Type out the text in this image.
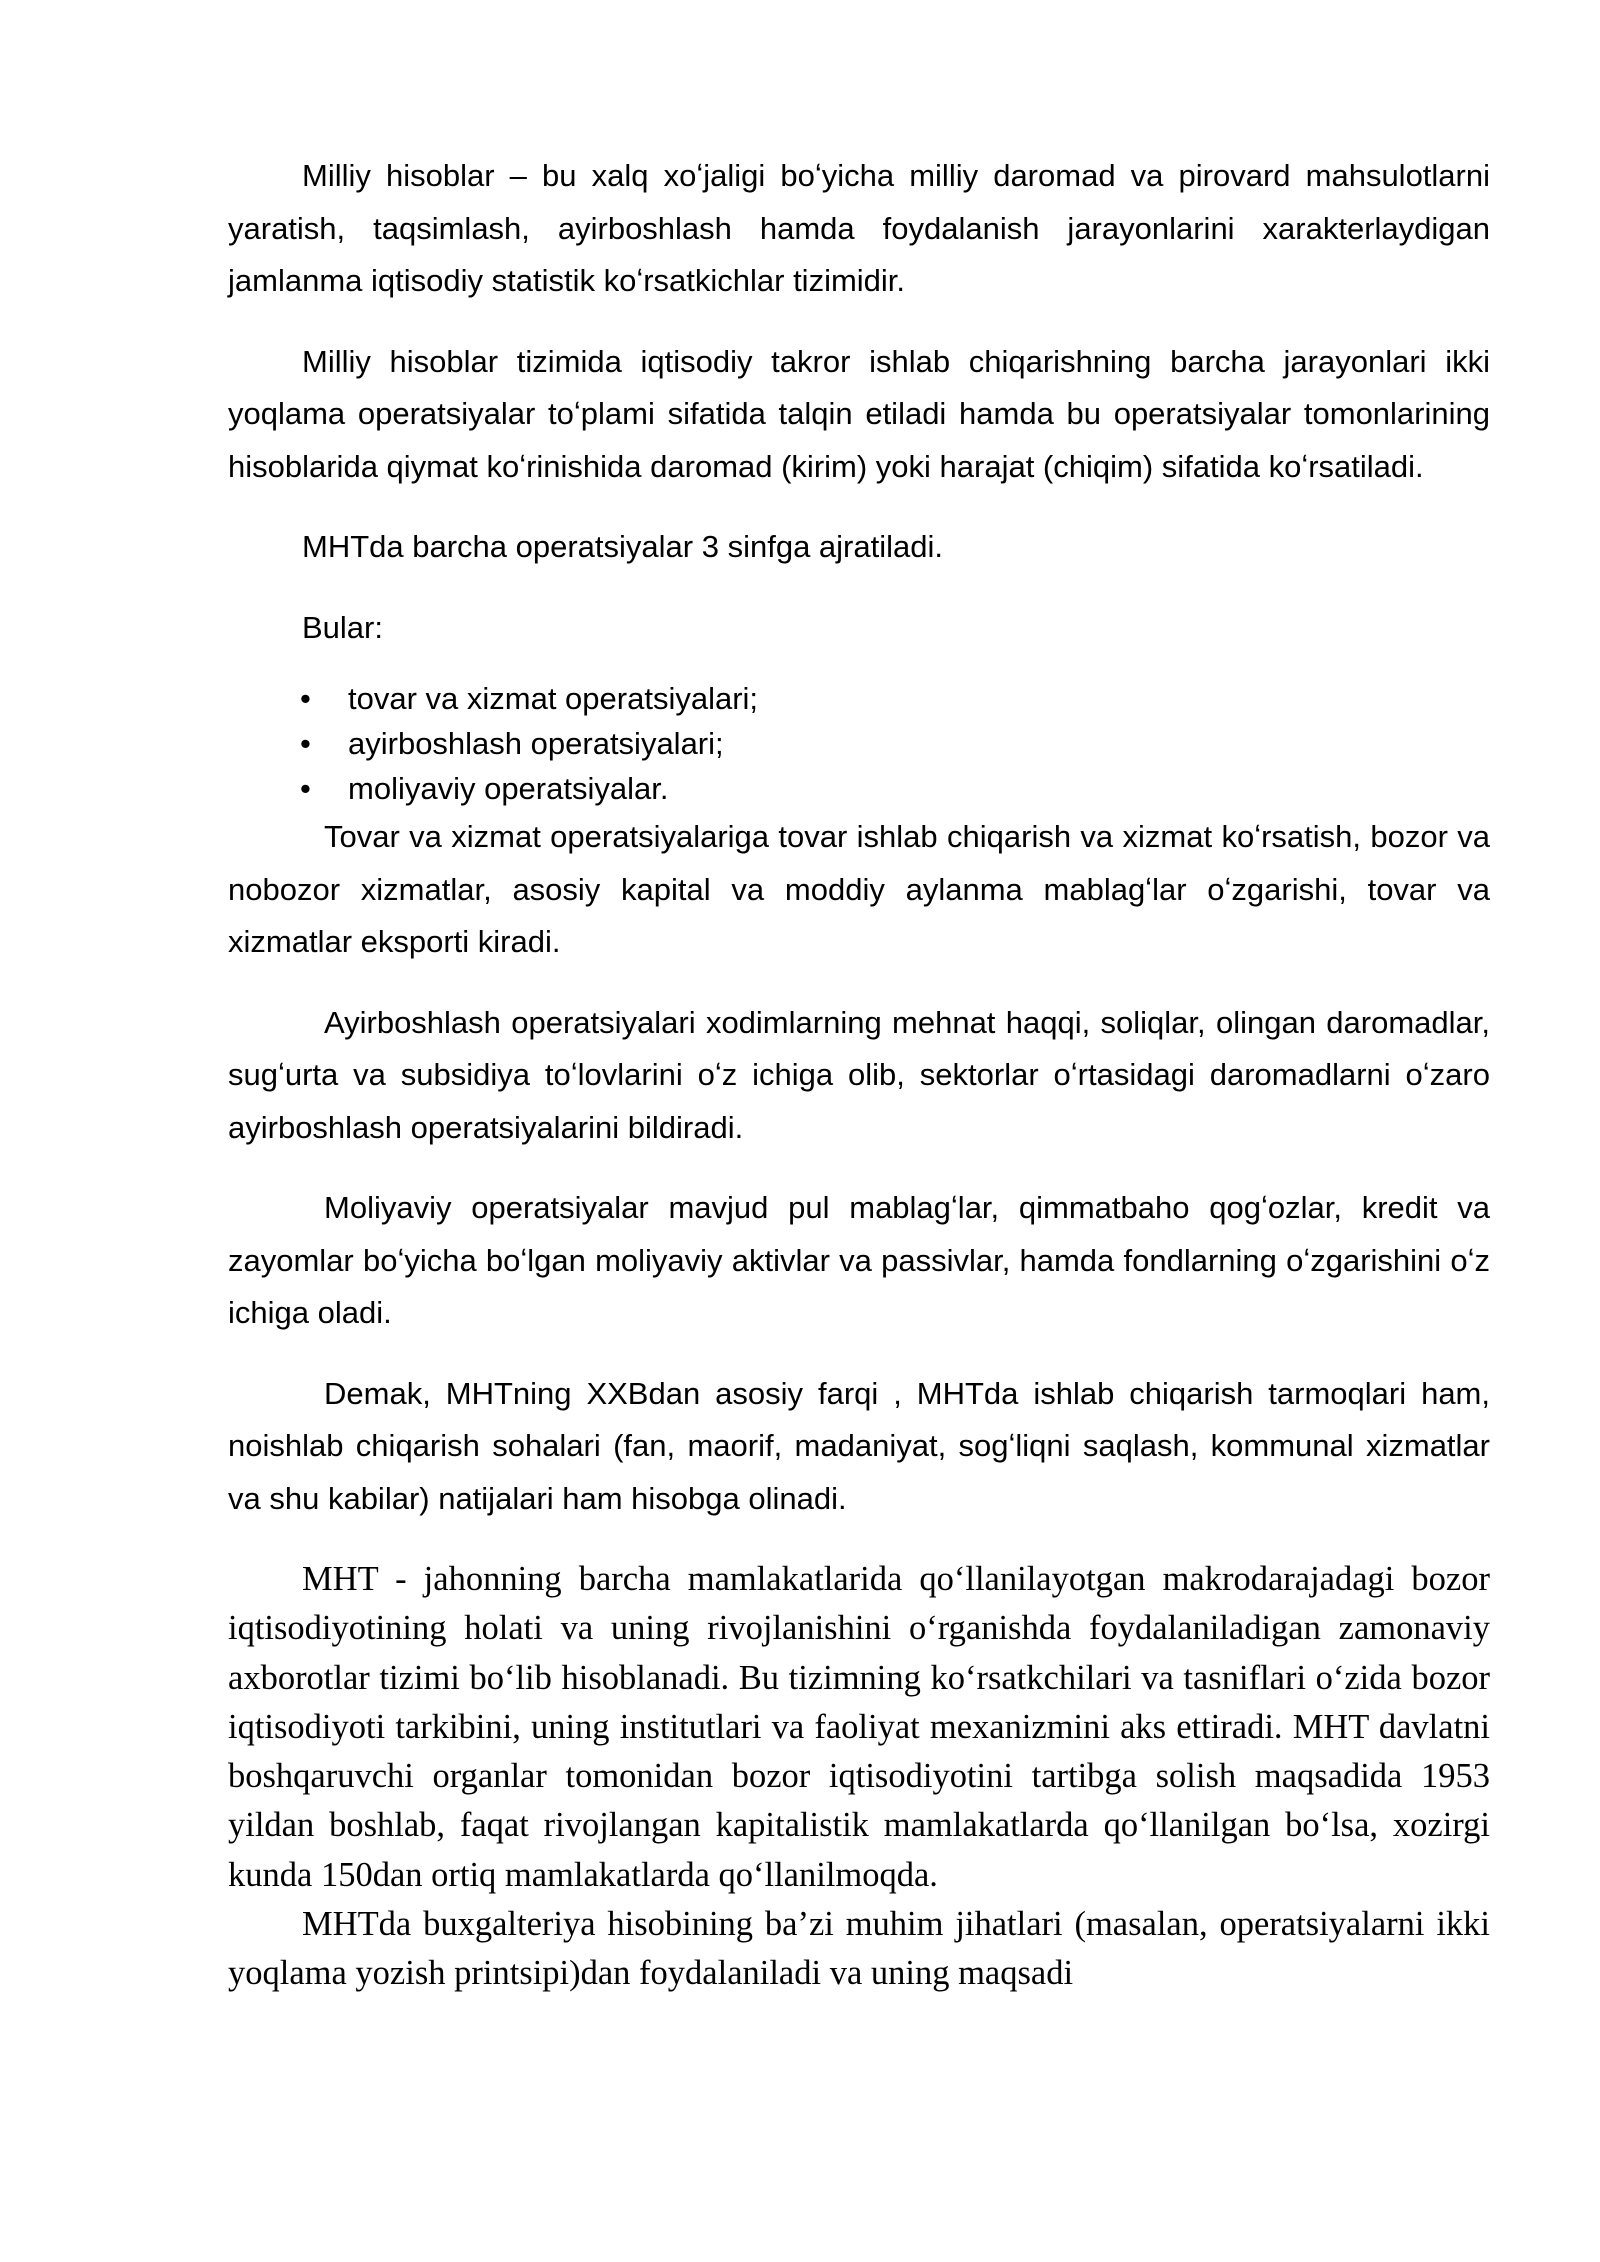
Milliy hisoblar – bu xalq xoʻjaligi boʻyicha milliy daromad va pirovard mahsulotlarni yaratish, taqsimlash, ayirboshlash hamda foydalanish jarayonlarini xarakterlaydigan jamlanma iqtisodiy statistik koʻrsatkichlar tizimidir.

Milliy hisoblar tizimida iqtisodiy takror ishlab chiqarishning barcha jarayonlari ikki yoqlama operatsiyalar toʻplami sifatida talqin etiladi hamda bu operatsiyalar tomonlarining hisoblarida qiymat koʻrinishida daromad (kirim) yoki harajat (chiqim) sifatida koʻrsatiladi.

MHTda barcha operatsiyalar 3 sinfga ajratiladi.

Bular:

• tovar va xizmat operatsiyalari;
• ayirboshlash operatsiyalari;
• moliyaviy operatsiyalar.

Tovar va xizmat operatsiyalariga tovar ishlab chiqarish va xizmat koʻrsatish, bozor va nobozor xizmatlar, asosiy kapital va moddiy aylanma mablagʻlar oʻzgarishi, tovar va xizmatlar eksporti kiradi.

Ayirboshlash operatsiyalari xodimlarning mehnat haqqi, soliqlar, olingan daromadlar, sugʻurta va subsidiya toʻlovlarini oʻz ichiga olib, sektorlar oʻrtasidagi daromadlarni oʻzaro ayirboshlash operatsiyalarini bildiradi.

Moliyaviy operatsiyalar mavjud pul mablagʻlar, qimmatbaho qogʻozlar, kredit va zayomlar boʻyicha boʻlgan moliyaviy aktivlar va passivlar, hamda fondlarning oʻzgarishini oʻz ichiga oladi.

Demak, MHTning XXBdan asosiy farqi , MHTda ishlab chiqarish tarmoqlari ham, noishlab chiqarish sohalari (fan, maorif, madaniyat, sogʻliqni saqlash, kommunal xizmatlar va shu kabilar) natijalari ham hisobga olinadi.

MHT - jahonning barcha mamlakatlarida qo‘llanilayotgan makrodarajadagi bozor iqtisodiyotining holati va uning rivojlanishini o‘rganishda foydalaniladigan zamonaviy axborotlar tizimi bo‘lib hisoblanadi. Bu tizimning ko‘rsatkchilari va tasniflari o‘zida bozor iqtisodiyoti tarkibini, uning institutlari va faoliyat mexanizmini aks ettiradi. MHT davlatni boshqaruvchi organlar tomonidan bozor iqtisodiyotini tartibga solish maqsadida 1953 yildan boshlab, faqat rivojlangan kapitalistik mamlakatlarda qo‘llanilgan bo‘lsa, xozirgi kunda 150dan ortiq mamlakatlarda qo‘llanilmoqda.

MHTda buxgalteriya hisobining ba’zi muhim jihatlari (masalan, operatsiyalarni ikki yoqlama yozish printsipi)dan foydalaniladi va uning maqsadi
